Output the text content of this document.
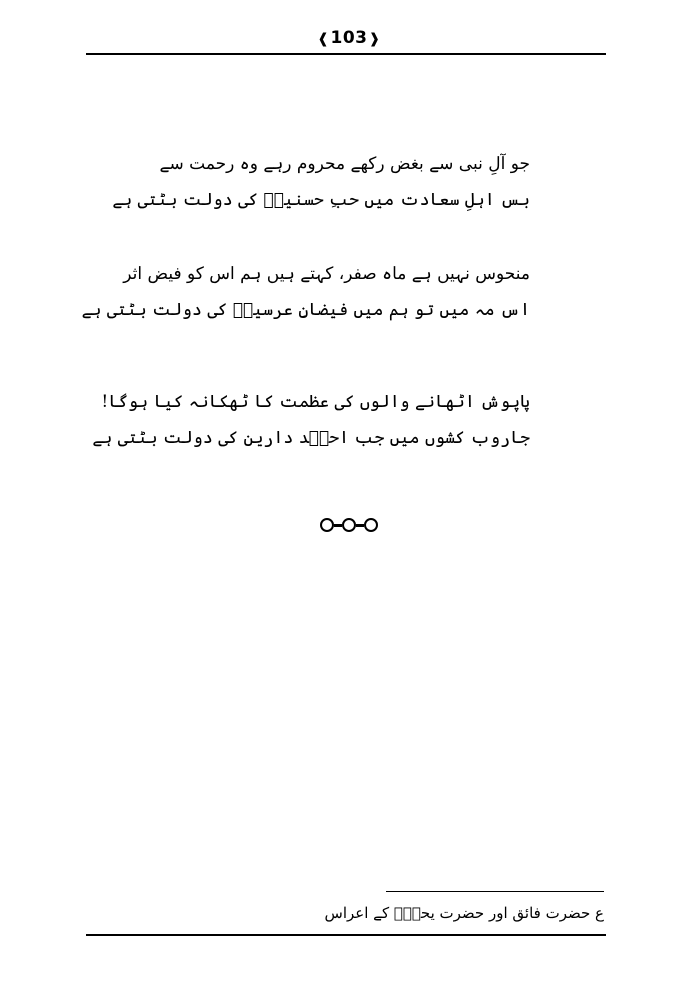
❰103❱
جو آلِ نبی سے بغض رکھے محروم رہے وہ رحمت سے
بس اہلِ سعادت میں حبِ حسنینؓ کی دولت بٹتی ہے
منحوس نہیں ہے ماہ صفر، کہتے ہیں ہم اس کو فیض اثر
اس مہ میں تو ہم میں فیضانِ عرسینؔ کی دولت بٹتی ہے
پاپوش اٹھانے والوں کی عظمت کا ٹھکانہ کیا ہوگا!
جاروب کشوں میں جب احمؔد دارین کی دولت بٹتی ہے
ع حضرت فائق اور حضرت یحیٰؒ کے اعراس
